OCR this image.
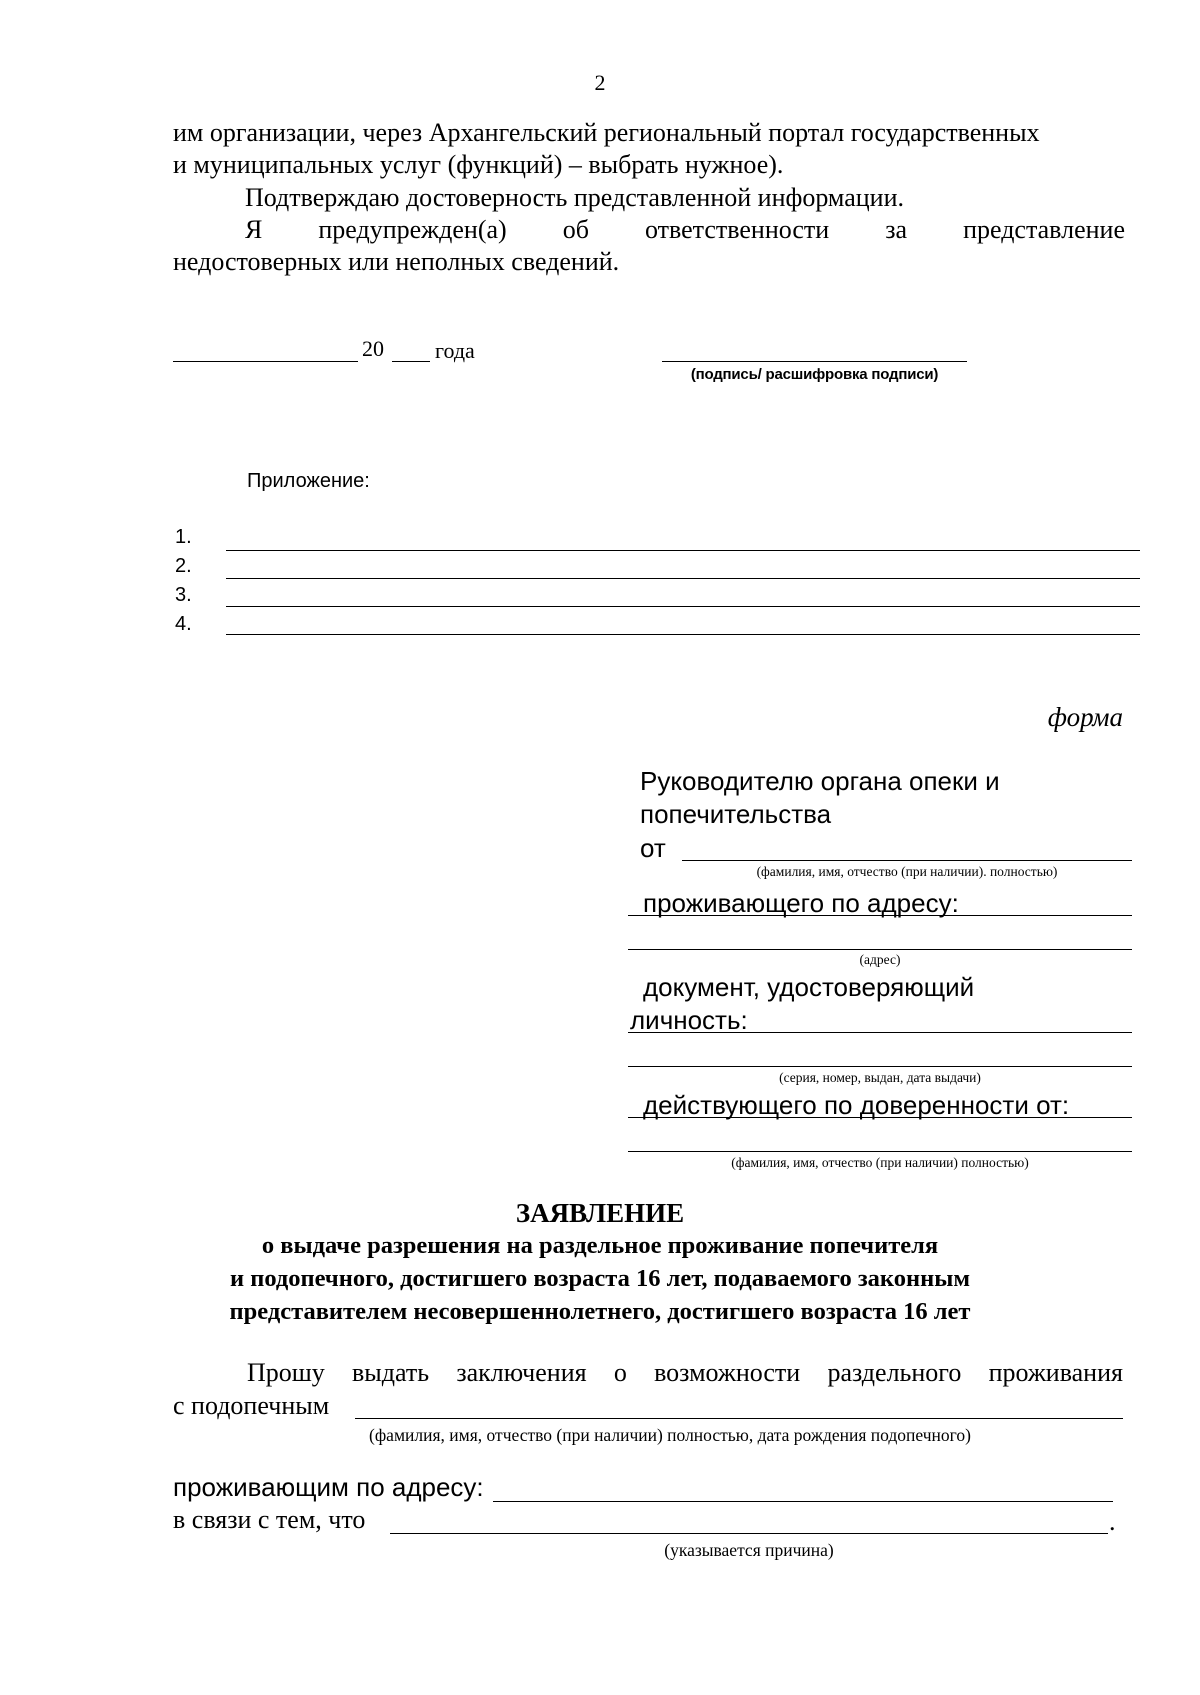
2
им организации, через Архангельский региональный портал государственных
и муниципальных услуг (функций) – выбрать нужное).
Подтверждаю достоверность представленной информации.
Я предупрежден(а) об ответственности за представление
недостоверных или неполных сведений.
20 года
(подпись/ расшифровка подписи)
Приложение:
1.
2.
3.
4.
форма
Руководителю органа опеки и
попечительства
от
(фамилия, имя, отчество (при наличии). полностью)
проживающего по адресу:
(адрес)
документ, удостоверяющий
личность:
(серия, номер, выдан, дата выдачи)
действующего по доверенности от:
(фамилия, имя, отчество (при наличии) полностью)
ЗАЯВЛЕНИЕ
о выдаче разрешения на раздельное проживание попечителя
и подопечного, достигшего возраста 16 лет, подаваемого законным
представителем несовершеннолетнего, достигшего возраста 16 лет
Прошу выдать заключения о возможности раздельного проживания
с подопечным
(фамилия, имя, отчество (при наличии) полностью, дата рождения подопечного)
проживающим по адресу:
в связи с тем, что	.
(указывается причина)
